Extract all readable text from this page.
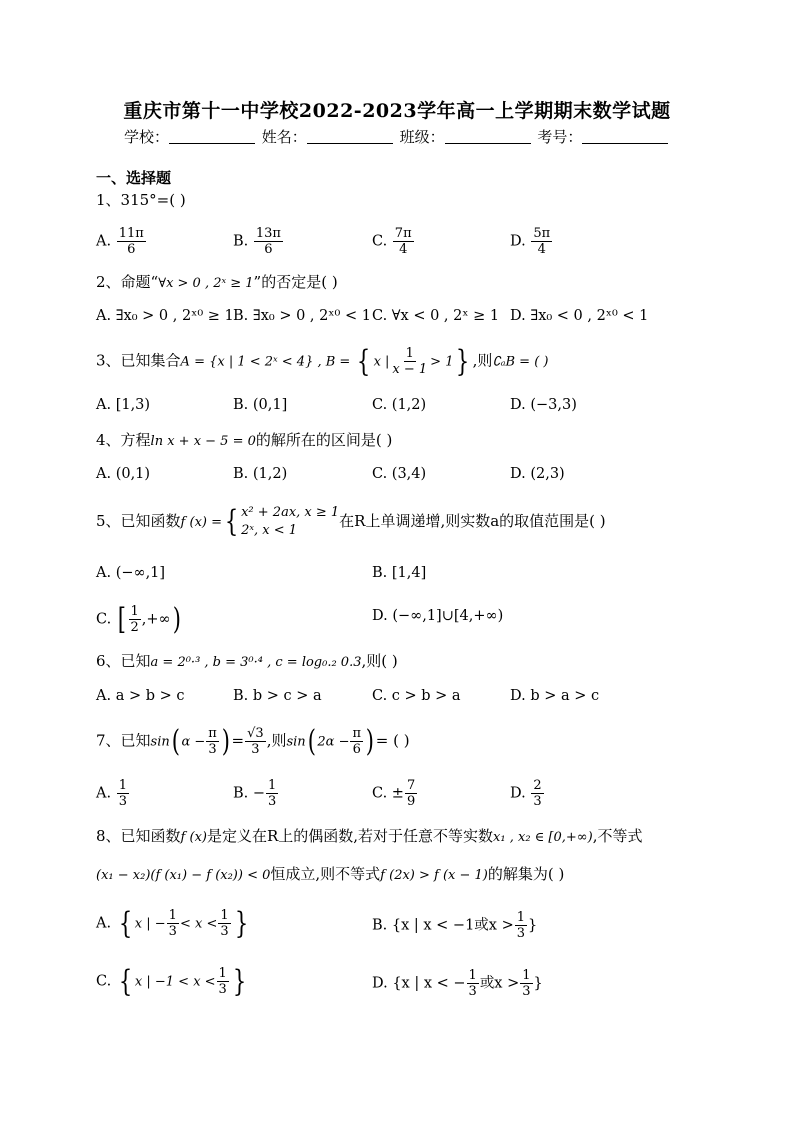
重庆市第十一中学校2022-2023学年高一上学期期末数学试题
学校：	姓名：	班级：	考号：
一、选择题
1、315°=( )
A. $\frac{11\pi}{6}$	B. $\frac{13\pi}{6}$	C. $\frac{7\pi}{4}$	D. $\frac{5\pi}{4}$
2、命题“∀x > 0 , 2ˣ ≥ 1”的否定是( )
A. ∃x₀ > 0 , 2ˣ⁰ ≥ 1 B. ∃x₀ > 0 , 2ˣ⁰ < 1 C. ∀x < 0 , 2ˣ ≥ 1 D. ∃x₀ < 0 , 2ˣ⁰ < 1
3、已知集合A = {x | 1 < 2ˣ < 4} , B = { x | $\frac{1}{x - 1} > 1$} ,则∁ₐB = ( )
A. [1,3)	B. (0,1]	C. (1,2)	D. (−3,3)
4、方程ln x + x − 5 = 0的解所在的区间是( )
A. (0,1)	B. (1,2)	C. (3,4)	D. (2,3)
5、已知函数f (x) ={ x² + 2ax, x ≥ 1
2ˣ, x < 1
在R上单调递增,则实数a的取值范围是( )
A. (−∞,1]	B. [1,4]
C. [ $\frac{1}{2}$ ,+∞)	D. (−∞,1]∪[4,+∞)
6、已知a = 2⁰·³ , b = 3⁰·⁴ , c = log₀.₂ 0.3,则( )
A. a > b > c	B. b > c > a	C. c > b > a	D. b > a > c
7、已知sin( $\alpha - \frac{\pi}{3}$ ) = $\frac{√3}{3}$ ,则sin( $2\alpha - \frac{\pi}{6}$ ) = ( )
A. $\frac{1}{3}$	B. − $\frac{1}{3}$	C. ± $\frac{7}{9}$	D. $\frac{2}{3}$
8、已知函数f (x)是定义在R上的偶函数,若对于任意不等实数x₁ , x₂ ∈ [0,+∞),不等式
(x₁ − x₂)(f (x₁) − f (x₂)) < 0恒成立,则不等式f (2x) > f (x − 1)的解集为( )
A. { x | − $\frac{1}{3} < x < \frac{1}{3}$ }	B. {x | x < −1或$x > \frac{1}{3}$ }
C. { x | $-1 < x < \frac{1}{3}$ }	D. {x | x < − $\frac{1}{3}$ 或$x > \frac{1}{3}$ }
